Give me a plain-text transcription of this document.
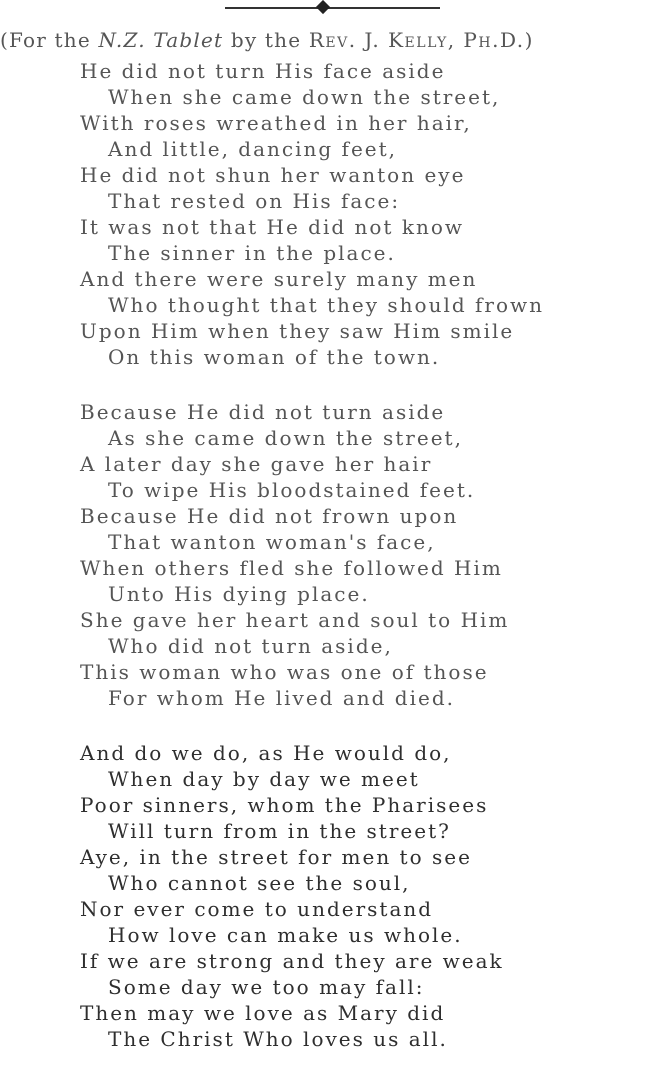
(For the N.Z. Tablet by the Rev. J. Kelly, Ph.D.)
He did not turn His face aside
When she came down the street,
With roses wreathed in her hair,
And little, dancing feet,
He did not shun her wanton eye
That rested on His face:
It was not that He did not know
The sinner in the place.
And there were surely many men
Who thought that they should frown
Upon Him when they saw Him smile
On this woman of the town.
Because He did not turn aside
As she came down the street,
A later day she gave her hair
To wipe His bloodstained feet.
Because He did not frown upon
That wanton woman's face,
When others fled she followed Him
Unto His dying place.
She gave her heart and soul to Him
Who did not turn aside,
This woman who was one of those
For whom He lived and died.
And do we do, as He would do,
When day by day we meet
Poor sinners, whom the Pharisees
Will turn from in the street?
Aye, in the street for men to see
Who cannot see the soul,
Nor ever come to understand
How love can make us whole.
If we are strong and they are weak
Some day we too may fall:
Then may we love as Mary did
The Christ Who loves us all.
